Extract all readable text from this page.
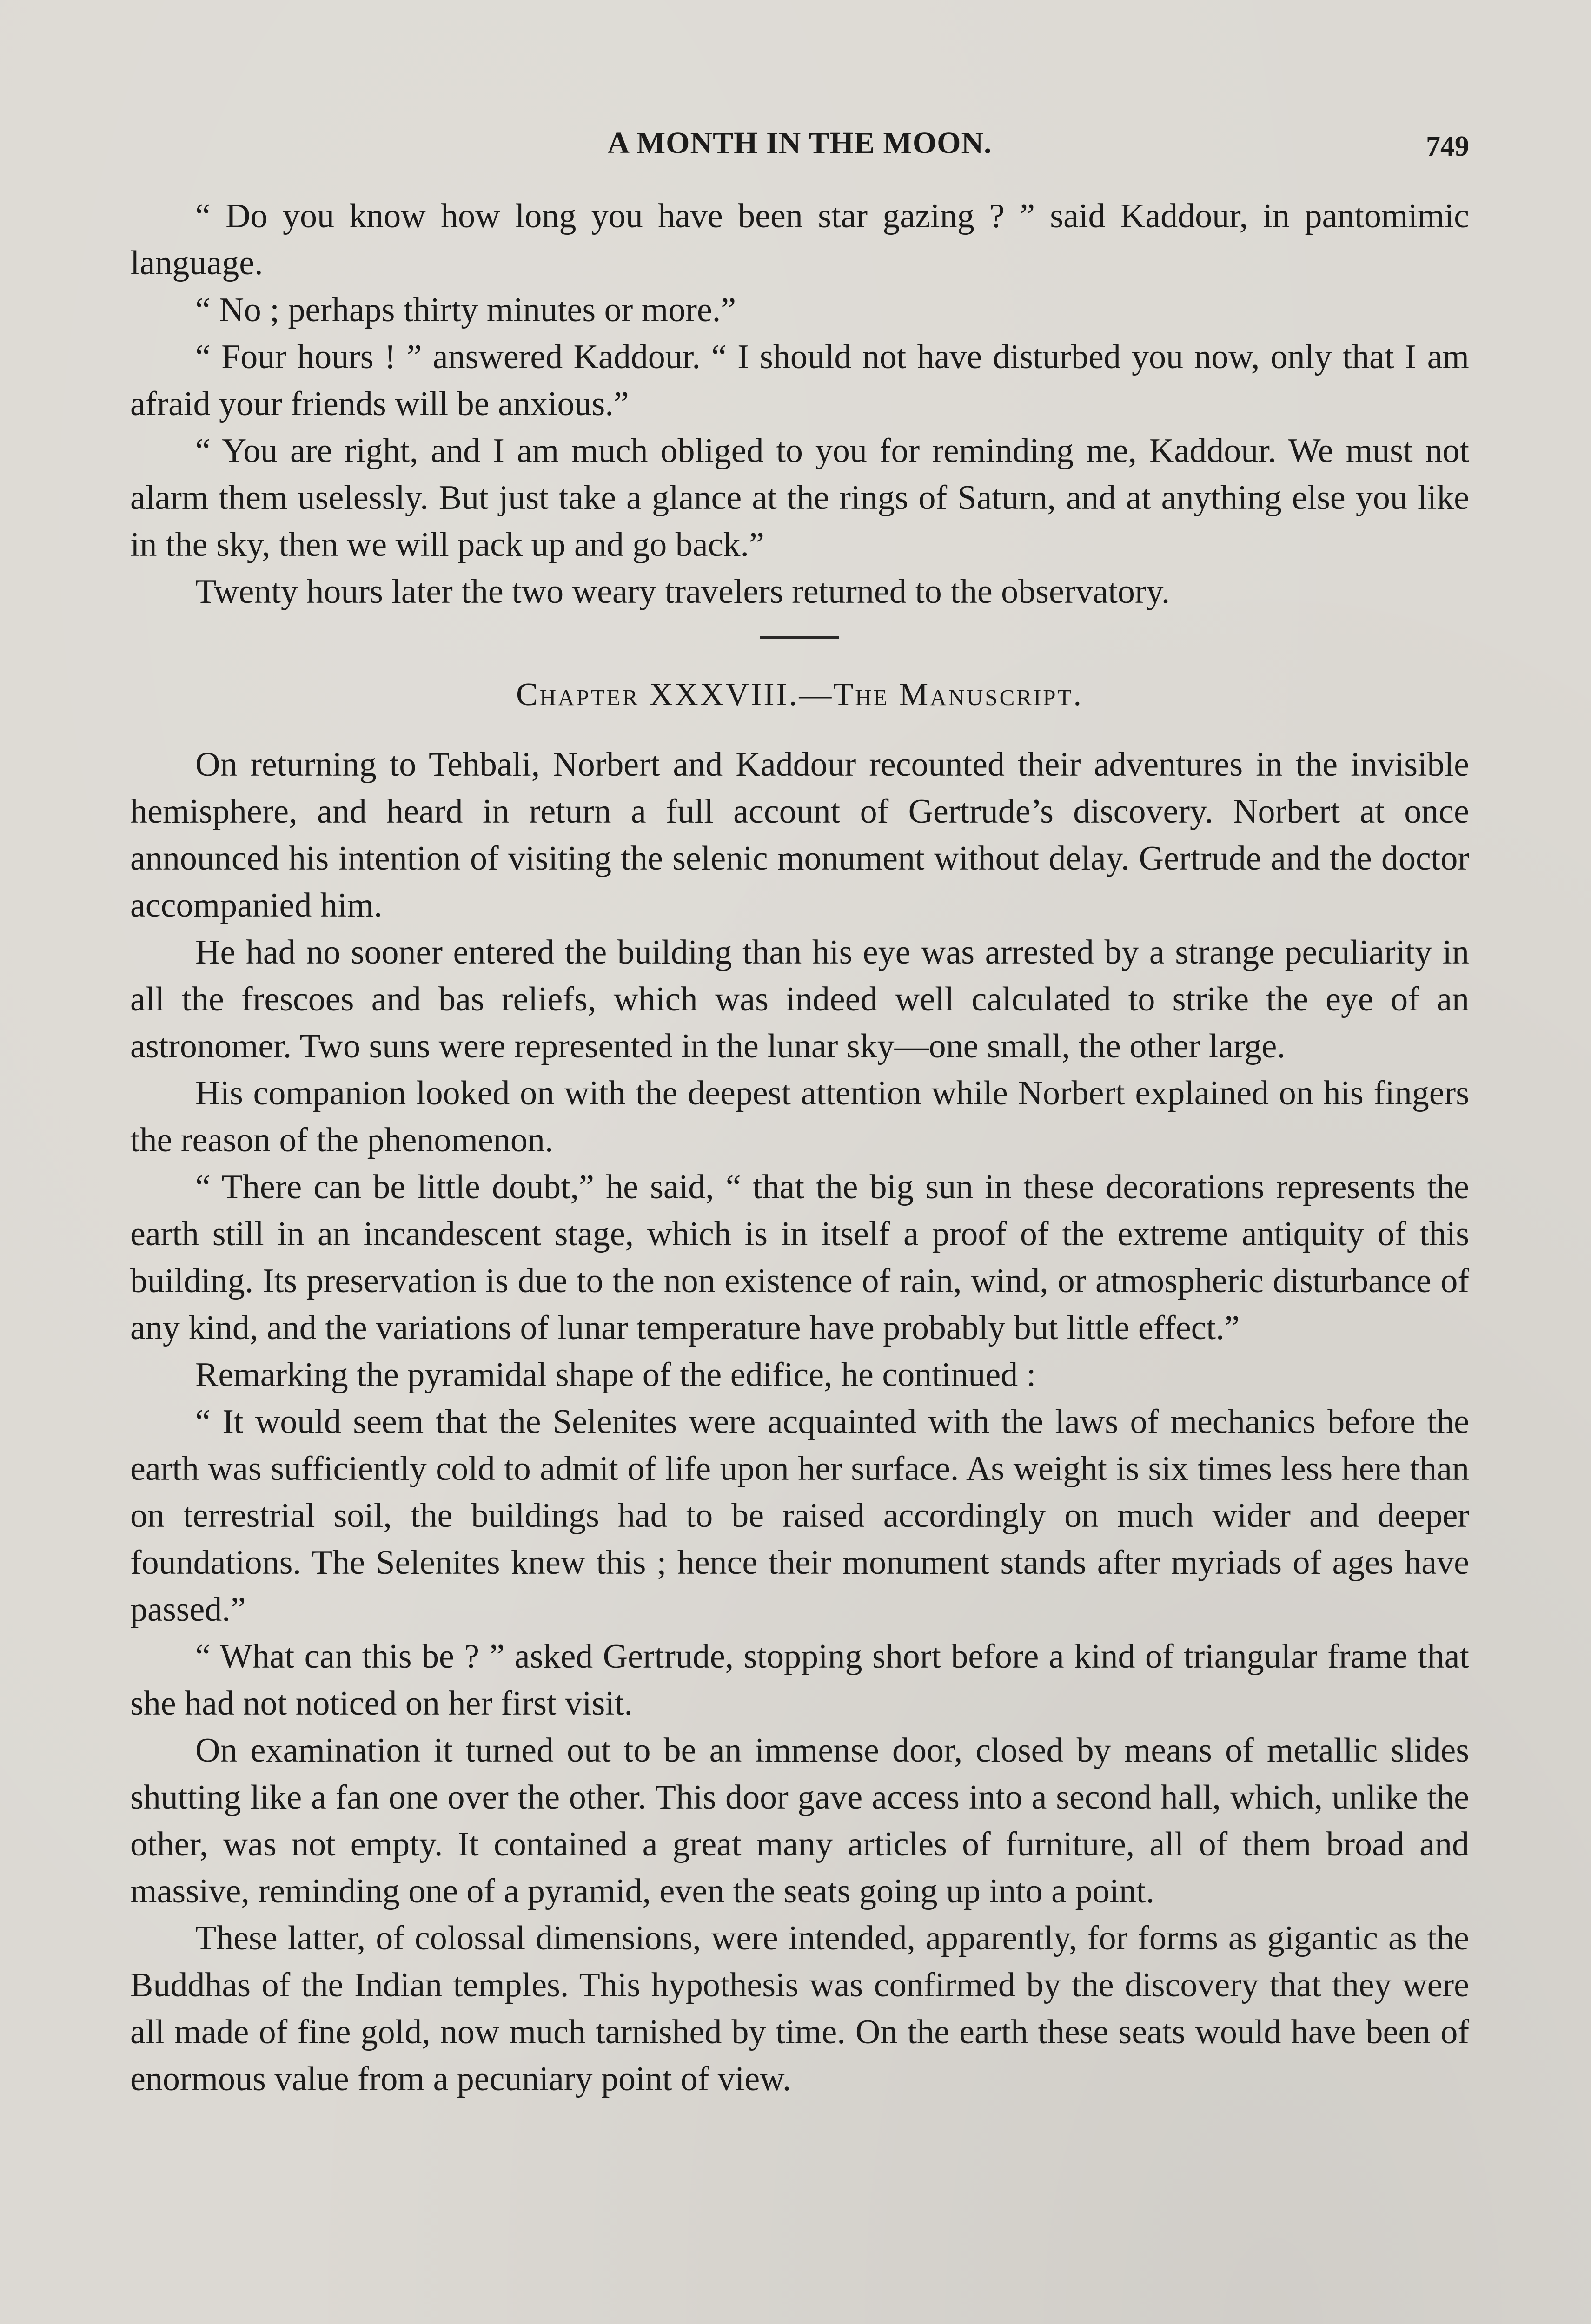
A MONTH IN THE MOON.	749

“ Do you know how long you have been star gazing ? ” said Kaddour, in pantomimic language.

“ No ; perhaps thirty minutes or more.”

“ Four hours ! ” answered Kaddour. “ I should not have disturbed you now, only that I am afraid your friends will be anxious.”

“ You are right, and I am much obliged to you for reminding me, Kaddour. We must not alarm them uselessly. But just take a glance at the rings of Saturn, and at anything else you like in the sky, then we will pack up and go back.”

Twenty hours later the two weary travelers returned to the observatory.

Chapter XXXVIII.—The Manuscript.

On returning to Tehbali, Norbert and Kaddour recounted their adventures in the invisible hemisphere, and heard in return a full account of Gertrude’s discovery. Norbert at once announced his intention of visiting the selenic monument without delay. Gertrude and the doctor accompanied him.

He had no sooner entered the building than his eye was arrested by a strange peculiarity in all the frescoes and bas reliefs, which was indeed well calculated to strike the eye of an astronomer. Two suns were represented in the lunar sky—one small, the other large.

His companion looked on with the deepest attention while Norbert explained on his fingers the reason of the phenomenon.

“ There can be little doubt,” he said, “ that the big sun in these decorations represents the earth still in an incandescent stage, which is in itself a proof of the extreme antiquity of this building. Its preservation is due to the non existence of rain, wind, or atmospheric disturbance of any kind, and the variations of lunar temperature have probably but little effect.”

Remarking the pyramidal shape of the edifice, he continued :

“ It would seem that the Selenites were acquainted with the laws of mechanics before the earth was sufficiently cold to admit of life upon her surface. As weight is six times less here than on terrestrial soil, the buildings had to be raised accordingly on much wider and deeper foundations. The Selenites knew this ; hence their monument stands after myriads of ages have passed.”

“ What can this be ? ” asked Gertrude, stopping short before a kind of triangular frame that she had not noticed on her first visit.

On examination it turned out to be an immense door, closed by means of metallic slides shutting like a fan one over the other. This door gave access into a second hall, which, unlike the other, was not empty. It contained a great many articles of furniture, all of them broad and massive, reminding one of a pyramid, even the seats going up into a point.

These latter, of colossal dimensions, were intended, apparently, for forms as gigantic as the Buddhas of the Indian temples. This hypothesis was confirmed by the discovery that they were all made of fine gold, now much tarnished by time. On the earth these seats would have been of enormous value from a pecuniary point of view.
